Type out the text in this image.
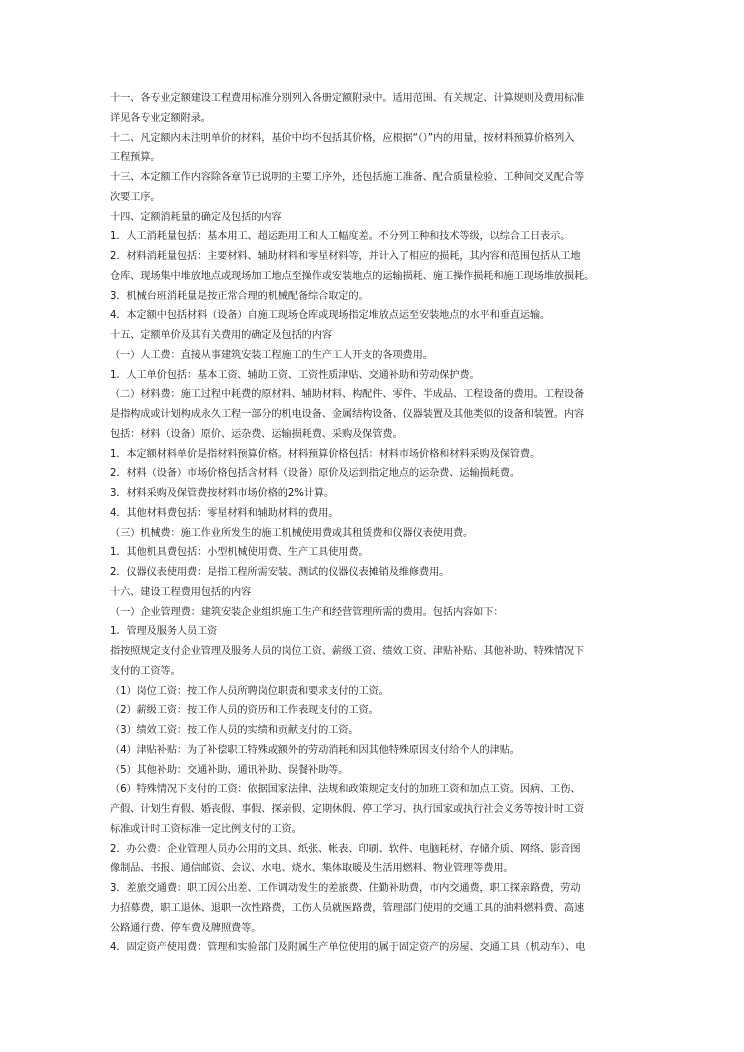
十一、各专业定额建设工程费用标准分别列入各册定额附录中。适用范围、有关规定、计算规则及费用标准
详见各专业定额附录。
十二、凡定额内未注明单价的材料，基价中均不包括其价格，应根据“（）”内的用量，按材料预算价格列入
工程预算。
十三、本定额工作内容除各章节已说明的主要工序外，还包括施工准备、配合质量检验、工种间交叉配合等
次要工序。
十四、定额消耗量的确定及包括的内容
1．人工消耗量包括：基本用工、超运距用工和人工幅度差。不分列工种和技术等级，以综合工日表示。
2．材料消耗量包括：主要材料、辅助材料和零星材料等，并计入了相应的损耗，其内容和范围包括从工地
仓库、现场集中堆放地点或现场加工地点至操作或安装地点的运输损耗、施工操作损耗和施工现场堆放损耗。
3．机械台班消耗量是按正常合理的机械配备综合取定的。
4．本定额中包括材料（设备）自施工现场仓库或现场指定堆放点运至安装地点的水平和垂直运输。
十五、定额单价及其有关费用的确定及包括的内容
（一）人工费：直接从事建筑安装工程施工的生产工人开支的各项费用。
1．人工单价包括：基本工资、辅助工资、工资性质津贴、交通补助和劳动保护费。
（二）材料费：施工过程中耗费的原材料、辅助材料、构配件、零件、半成品、工程设备的费用。工程设备
是指构成或计划构成永久工程一部分的机电设备、金属结构设备、仪器装置及其他类似的设备和装置。内容
包括：材料（设备）原价、运杂费、运输损耗费、采购及保管费。
1．本定额材料单价是指材料预算价格。材料预算价格包括：材料市场价格和材料采购及保管费。
2．材料（设备）市场价格包括含材料（设备）原价及运到指定地点的运杂费、运输损耗费。
3．材料采购及保管费按材料市场价格的2%计算。
4．其他材料费包括：零星材料和辅助材料的费用。
（三）机械费：施工作业所发生的施工机械使用费或其租赁费和仪器仪表使用费。
1．其他机具费包括：小型机械使用费、生产工具使用费。
2．仪器仪表使用费：是指工程所需安装、测试的仪器仪表摊销及维修费用。
十六、建设工程费用包括的内容
（一）企业管理费：建筑安装企业组织施工生产和经营管理所需的费用。包括内容如下：
1．管理及服务人员工资
指按照规定支付企业管理及服务人员的岗位工资、薪级工资、绩效工资、津贴补贴、其他补助、特殊情况下
支付的工资等。
（1）岗位工资：按工作人员所聘岗位职责和要求支付的工资。
（2）薪级工资：按工作人员的资历和工作表现支付的工资。
（3）绩效工资：按工作人员的实绩和贡献支付的工资。
（4）津贴补贴：为了补偿职工特殊或额外的劳动消耗和因其他特殊原因支付给个人的津贴。
（5）其他补助：交通补助、通讯补助、误餐补助等。
（6）特殊情况下支付的工资：依据国家法律、法规和政策规定支付的加班工资和加点工资。因病、工伤、
产假、计划生育假、婚丧假、事假、探亲假、定期休假、停工学习、执行国家或执行社会义务等按计时工资
标准或计时工资标准一定比例支付的工资。
2．办公费：企业管理人员办公用的文具、纸张、帐表、印刷、软件、电脑耗材、存储介质、网络、影音图
像制品、书报、通信邮资、会议、水电、烧水、集体取暖及生活用燃料、物业管理等费用。
3．差旅交通费：职工因公出差、工作调动发生的差旅费、住勤补助费，市内交通费，职工探亲路费，劳动
力招募费，职工退休、退职一次性路费，工伤人员就医路费，管理部门使用的交通工具的油料燃料费、高速
公路通行费、停车费及牌照费等。
4．固定资产使用费：管理和实验部门及附属生产单位使用的属于固定资产的房屋、交通工具（机动车）、电
